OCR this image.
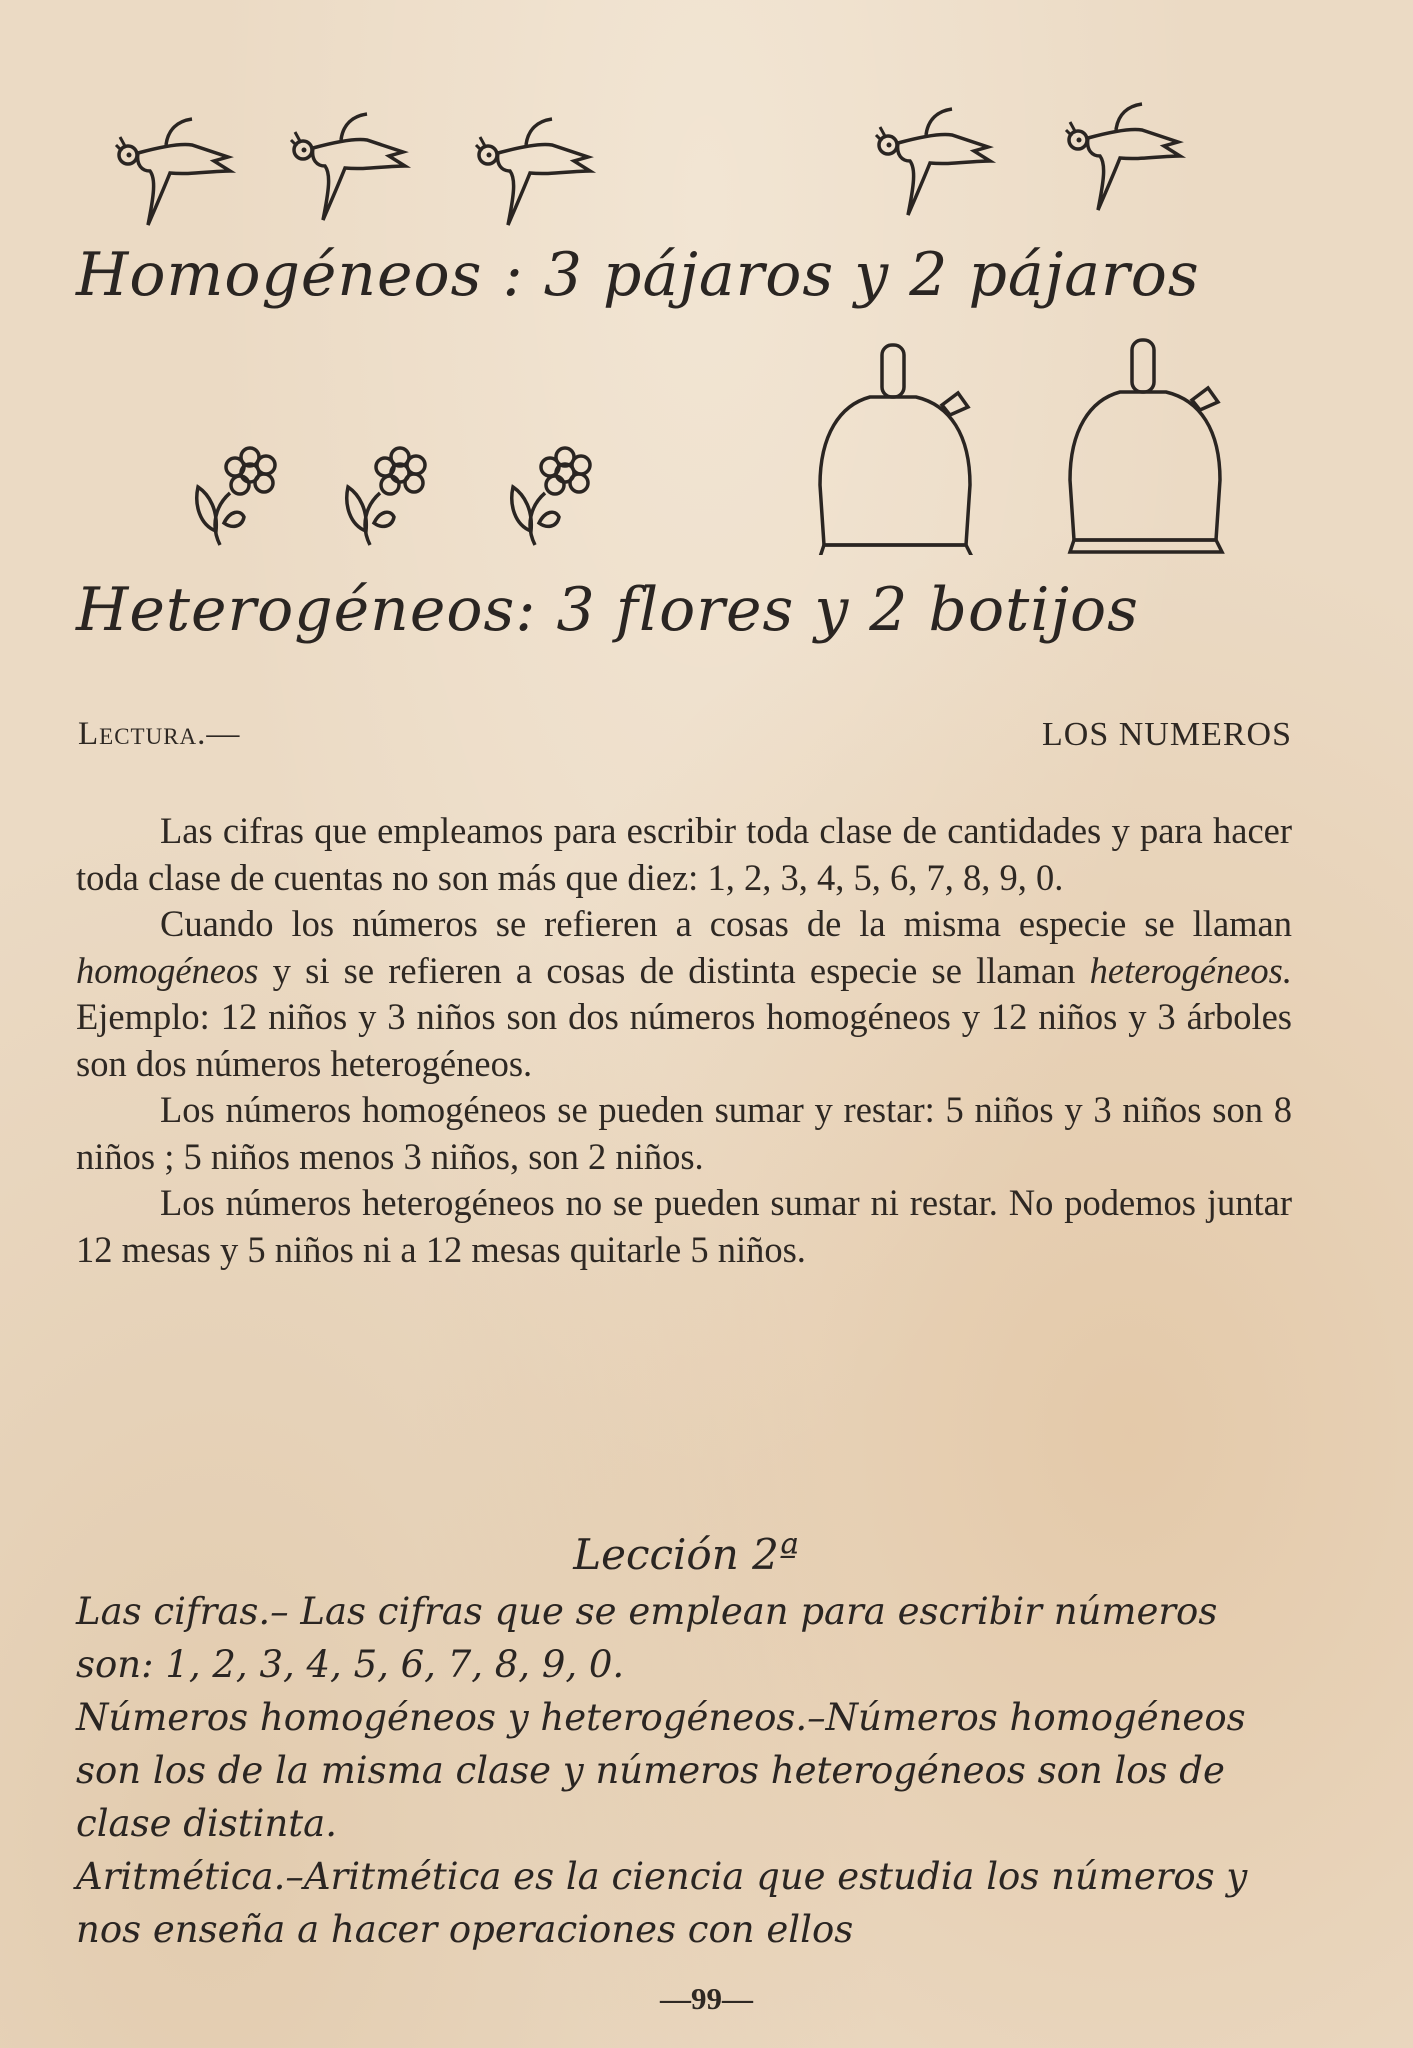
Homogéneos : 3 pájaros y 2 pájaros
Heterogéneos: 3 flores y 2 botijos
Lectura.—	LOS NUMEROS

Las cifras que empleamos para escribir toda clase de cantidades y para hacer toda clase de cuentas no son más que diez: 1, 2, 3, 4, 5, 6, 7, 8, 9, 0.

Cuando los números se refieren a cosas de la misma especie se llaman homogéneos y si se refieren a cosas de distinta especie se llaman heterogéneos. Ejemplo: 12 niños y 3 niños son dos números homogéneos y 12 niños y 3 árboles son dos números heterogéneos.

Los números homogéneos se pueden sumar y restar: 5 niños y 3 niños son 8 niños ; 5 niños menos 3 niños, son 2 niños.

Los números heterogéneos no se pueden sumar ni restar. No podemos juntar 12 mesas y 5 niños ni a 12 mesas quitarle 5 niños.

Lección 2ª

Las cifras.– Las cifras que se emplean para escribir números son: 1, 2, 3, 4, 5, 6, 7, 8, 9, 0.

Números homogéneos y heterogéneos.–Números homogéneos son los de la misma clase y números heterogéneos son los de clase distinta.

Aritmética.–Aritmética es la ciencia que estudia los números y nos enseña a hacer operaciones con ellos

—99—
